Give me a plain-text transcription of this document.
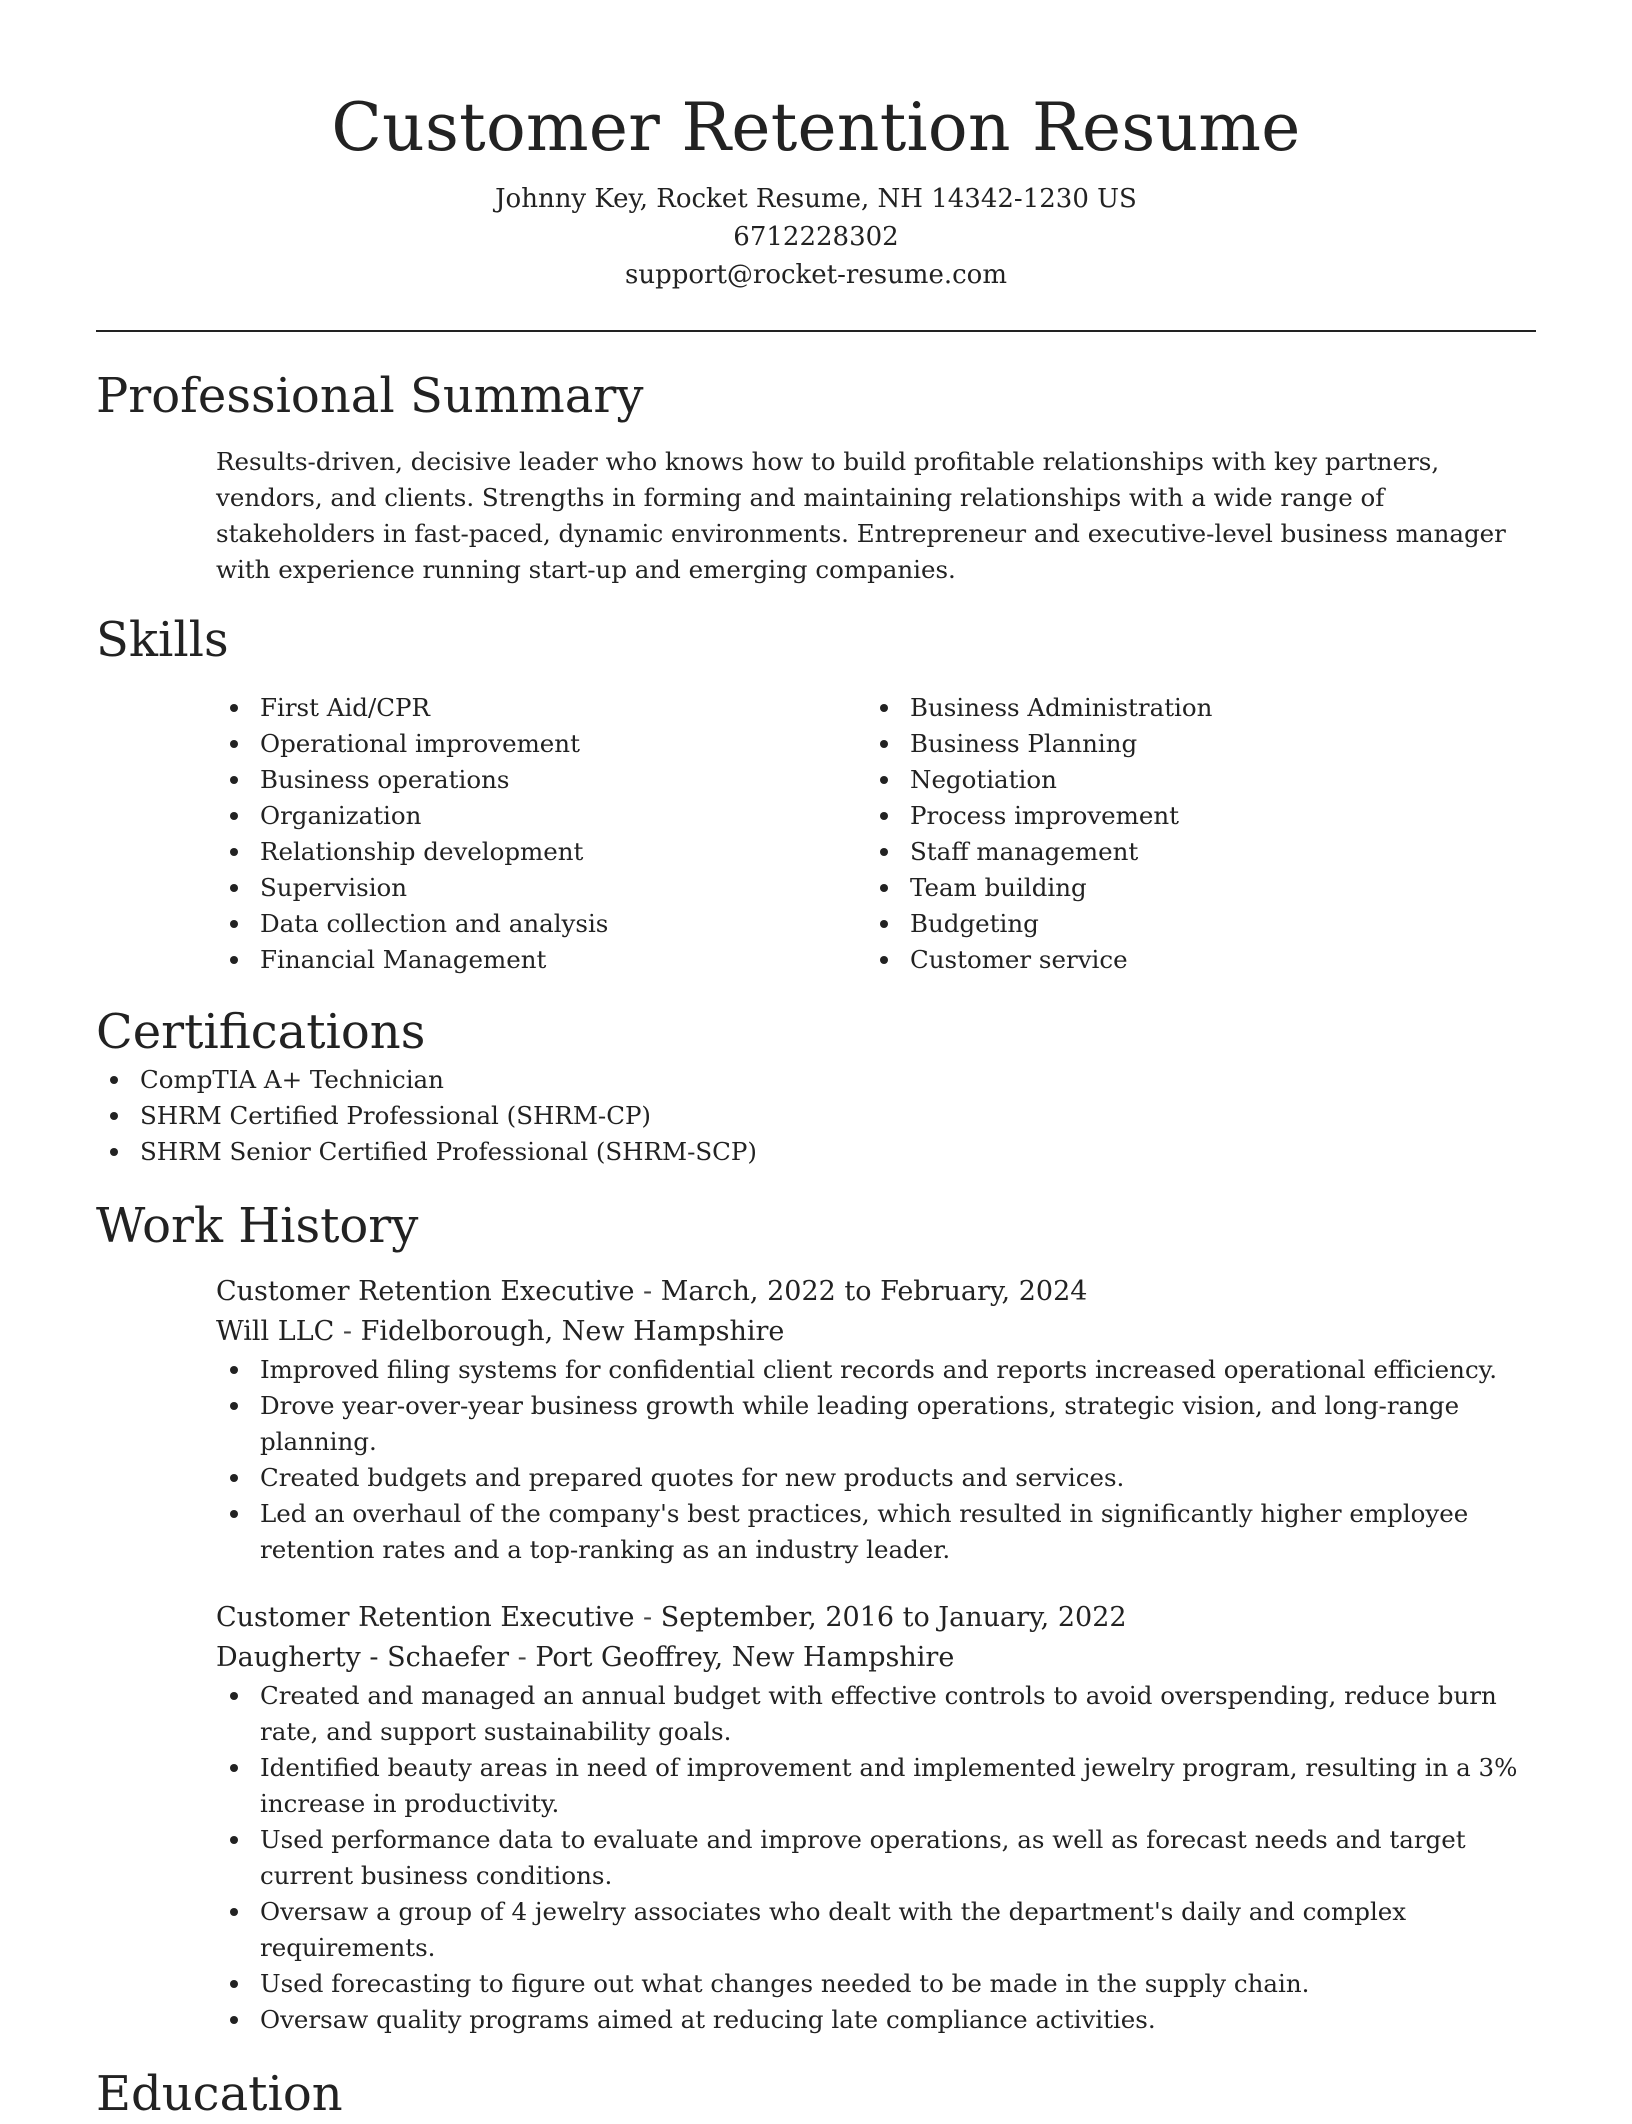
Customer Retention Resume
Johnny Key, Rocket Resume, NH 14342-1230 US
6712228302
support@rocket-resume.com
Professional Summary

Results-driven, decisive leader who knows how to build profitable relationships with key partners, vendors, and clients. Strengths in forming and maintaining relationships with a wide range of stakeholders in fast-paced, dynamic environments. Entrepreneur and executive-level business manager with experience running start-up and emerging companies.

Skills
First Aid/CPR
Operational improvement
Business operations
Organization
Relationship development
Supervision
Data collection and analysis
Financial Management
Business Administration
Business Planning
Negotiation
Process improvement
Staff management
Team building
Budgeting
Customer service
Certifications
CompTIA A+ Technician
SHRM Certified Professional (SHRM-CP)
SHRM Senior Certified Professional (SHRM-SCP)
Work History
Customer Retention Executive - March, 2022 to February, 2024
Will LLC - Fidelborough, New Hampshire
Improved filing systems for confidential client records and reports increased operational efficiency.
Drove year-over-year business growth while leading operations, strategic vision, and long-range planning.
Created budgets and prepared quotes for new products and services.
Led an overhaul of the company's best practices, which resulted in significantly higher employee retention rates and a top-ranking as an industry leader.
Customer Retention Executive - September, 2016 to January, 2022
Daugherty - Schaefer - Port Geoffrey, New Hampshire
Created and managed an annual budget with effective controls to avoid overspending, reduce burn rate, and support sustainability goals.
Identified beauty areas in need of improvement and implemented jewelry program, resulting in a 3% increase in productivity.
Used performance data to evaluate and improve operations, as well as forecast needs and target current business conditions.
Oversaw a group of 4 jewelry associates who dealt with the department's daily and complex requirements.
Used forecasting to figure out what changes needed to be made in the supply chain.
Oversaw quality programs aimed at reducing late compliance activities.
Education
